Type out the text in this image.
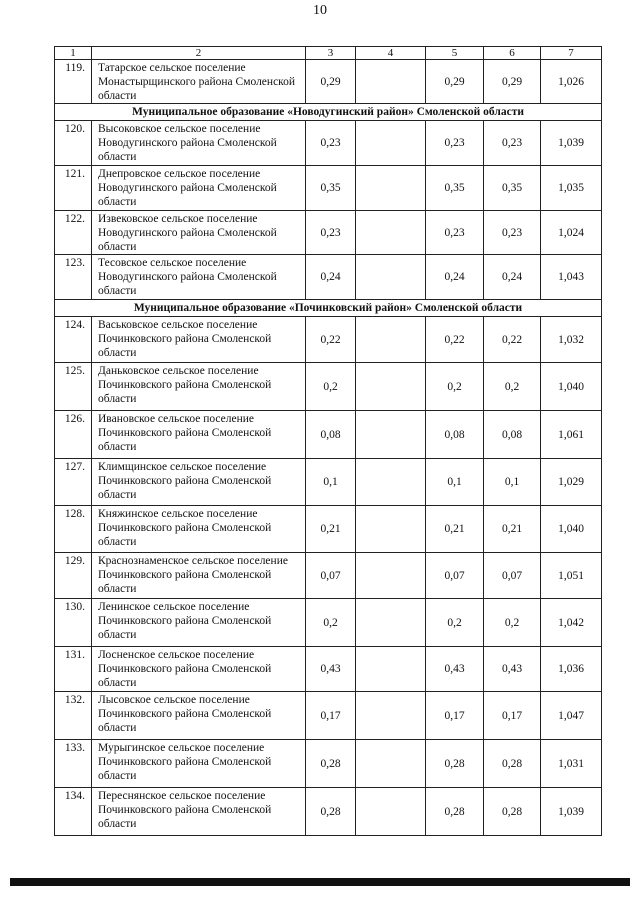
10
1	2	3	4	5	6	7
119.	Татарское сельское поселение Монастырщинского района Смоленской области	0,29		0,29	0,29	1,026
Муниципальное образование «Новодугинский район» Смоленской области						
120.	Высоковское сельское поселение Новодугинского района Смоленской области	0,23		0,23	0,23	1,039
121.	Днепровское сельское поселение Новодугинского района Смоленской области	0,35		0,35	0,35	1,035
122.	Извековское сельское поселение Новодугинского района Смоленской области	0,23		0,23	0,23	1,024
123.	Тесовское сельское поселение Новодугинского района Смоленской области	0,24		0,24	0,24	1,043
Муниципальное образование «Починковский район» Смоленской области						
124.	Васьковское сельское поселение Починковского района Смоленской области	0,22		0,22	0,22	1,032
125.	Даньковское сельское поселение Починковского района Смоленской области	0,2		0,2	0,2	1,040
126.	Ивановское сельское поселение Починковского района Смоленской области	0,08		0,08	0,08	1,061
127.	Климщинское сельское поселение Починковского района Смоленской области	0,1		0,1	0,1	1,029
128.	Княжинское сельское поселение Починковского района Смоленской области	0,21		0,21	0,21	1,040
129.	Краснознаменское сельское поселение Починковского района Смоленской области	0,07		0,07	0,07	1,051
130.	Ленинское сельское поселение Починковского района Смоленской области	0,2		0,2	0,2	1,042
131.	Лосненское сельское поселение Починковского района Смоленской области	0,43		0,43	0,43	1,036
132.	Лысовское сельское поселение Починковского района Смоленской области	0,17		0,17	0,17	1,047
133.	Мурыгинское сельское поселение Починковского района Смоленской области	0,28		0,28	0,28	1,031
134.	Переснянское сельское поселение Починковского района Смоленской области	0,28		0,28	0,28	1,039
